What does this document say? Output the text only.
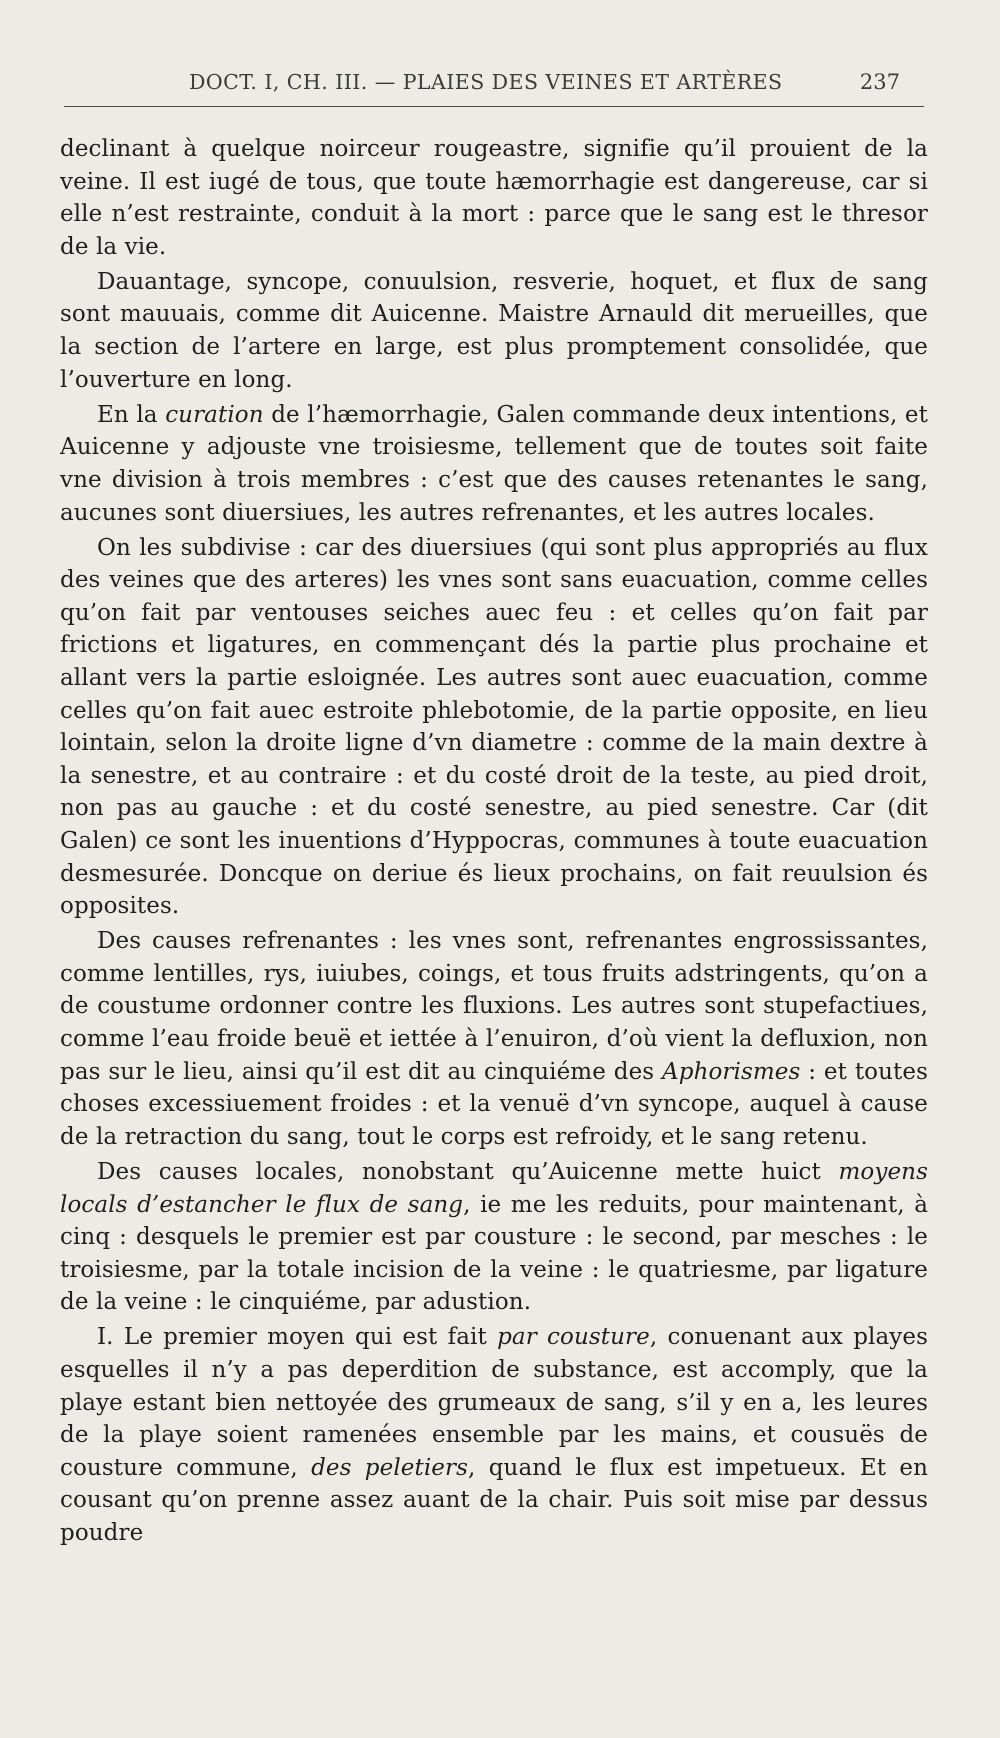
DOCT. I, CH. III. — PLAIES DES VEINES ET ARTÈRES	237

declinant à quelque noirceur rougeastre, signifie qu’il prouient de la veine. Il est iugé de tous, que toute hæmorrhagie est dangereuse, car si elle n’est restrainte, conduit à la mort : parce que le sang est le thresor de la vie.

Dauantage, syncope, conuulsion, resverie, hoquet, et flux de sang sont mauuais, comme dit Auicenne. Maistre Arnauld dit merueilles, que la section de l’artere en large, est plus promptement consolidée, que l’ouverture en long.

En la curation de l’hæmorrhagie, Galen commande deux intentions, et Auicenne y adjouste vne troisiesme, tellement que de toutes soit faite vne division à trois membres : c’est que des causes retenantes le sang, aucunes sont diuersiues, les autres refrenantes, et les autres locales.

On les subdivise : car des diuersiues (qui sont plus appropriés au flux des veines que des arteres) les vnes sont sans euacuation, comme celles qu’on fait par ventouses seiches auec feu : et celles qu’on fait par frictions et ligatures, en commençant dés la partie plus prochaine et allant vers la partie esloignée. Les autres sont auec euacuation, comme celles qu’on fait auec estroite phlebotomie, de la partie opposite, en lieu lointain, selon la droite ligne d’vn diametre : comme de la main dextre à la senestre, et au contraire : et du costé droit de la teste, au pied droit, non pas au gauche : et du costé senestre, au pied senestre. Car (dit Galen) ce sont les inuentions d’Hyppocras, communes à toute euacuation desmesurée. Doncque on deriue és lieux prochains, on fait reuulsion és opposites.

Des causes refrenantes : les vnes sont, refrenantes engrossissantes, comme lentilles, rys, iuiubes, coings, et tous fruits adstringents, qu’on a de coustume ordonner contre les fluxions. Les autres sont stupefactiues, comme l’eau froide beuë et iettée à l’enuiron, d’où vient la defluxion, non pas sur le lieu, ainsi qu’il est dit au cinquiéme des Aphorismes : et toutes choses excessiuement froides : et la venuë d’vn syncope, auquel à cause de la retraction du sang, tout le corps est refroidy, et le sang retenu.

Des causes locales, nonobstant qu’Auicenne mette huict moyens locals d’estancher le flux de sang, ie me les reduits, pour maintenant, à cinq : desquels le premier est par cousture : le second, par mesches : le troisiesme, par la totale incision de la veine : le quatriesme, par ligature de la veine : le cinquiéme, par adustion.

I. Le premier moyen qui est fait par cousture, conuenant aux playes esquelles il n’y a pas deperdition de substance, est accomply, que la playe estant bien nettoyée des grumeaux de sang, s’il y en a, les leures de la playe soient ramenées ensemble par les mains, et cousuës de cousture commune, des peletiers, quand le flux est impetueux. Et en cousant qu’on prenne assez auant de la chair. Puis soit mise par dessus poudre
